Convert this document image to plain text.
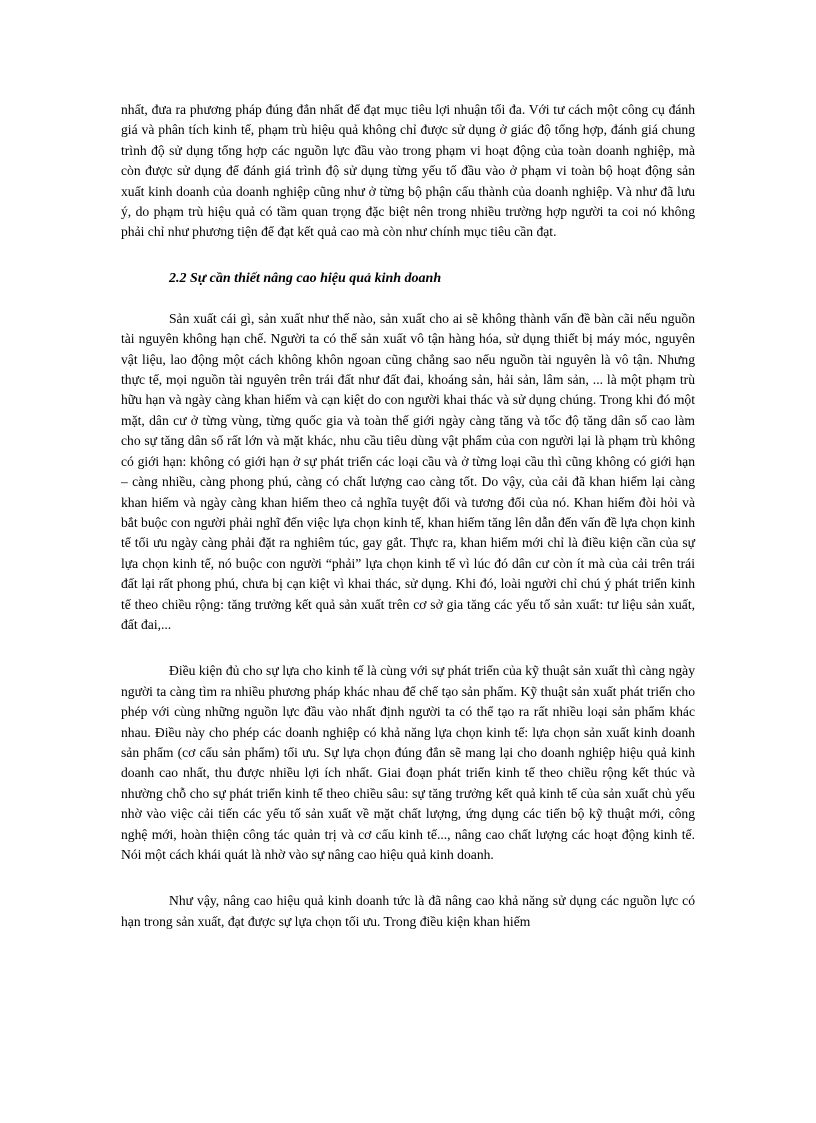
nhất, đưa ra phương pháp đúng đắn nhất để đạt mục tiêu lợi nhuận tối đa. Với tư cách một công cụ đánh giá và phân tích kinh tế, phạm trù hiệu quả không chỉ được sử dụng ở giác độ tổng hợp, đánh giá chung trình độ sử dụng tổng hợp các nguồn lực đầu vào trong phạm vi hoạt động của toàn doanh nghiệp, mà còn được sử dụng để đánh giá trình độ sử dụng từng yếu tố đầu vào ở phạm vi toàn bộ hoạt động sản xuất kinh doanh của doanh nghiệp cũng như ở từng bộ phận cấu thành của doanh nghiệp. Và như đã lưu ý, do phạm trù hiệu quả có tầm quan trọng đặc biệt nên trong nhiều trường hợp người ta coi nó không phải chỉ như phương tiện để đạt kết quả cao mà còn như chính mục tiêu cần đạt.

2.2 Sự cần thiết nâng cao hiệu quả kinh doanh

Sản xuất cái gì, sản xuất như thế nào, sản xuất cho ai sẽ không thành vấn đề bàn cãi nếu nguồn tài nguyên không hạn chế. Người ta có thể sản xuất vô tận hàng hóa, sử dụng thiết bị máy móc, nguyên vật liệu, lao động một cách không khôn ngoan cũng chẳng sao nếu nguồn tài nguyên là vô tận. Nhưng thực tế, mọi nguồn tài nguyên trên trái đất như đất đai, khoáng sản, hải sản, lâm sản, ... là một phạm trù hữu hạn và ngày càng khan hiếm và cạn kiệt do con người khai thác và sử dụng chúng. Trong khi đó một mặt, dân cư ở từng vùng, từng quốc gia và toàn thế giới ngày càng tăng và tốc độ tăng dân số cao làm cho sự tăng dân số rất lớn và mặt khác, nhu cầu tiêu dùng vật phẩm của con người lại là phạm trù không có giới hạn: không có giới hạn ở sự phát triển các loại cầu và ở từng loại cầu thì cũng không có giới hạn – càng nhiều, càng phong phú, càng có chất lượng cao càng tốt. Do vậy, của cải đã khan hiếm lại càng khan hiếm và ngày càng khan hiếm theo cả nghĩa tuyệt đối và tương đối của nó. Khan hiếm đòi hỏi và bắt buộc con người phải nghĩ đến việc lựa chọn kinh tế, khan hiếm tăng lên dẫn đến vấn đề lựa chọn kinh tế tối ưu ngày càng phải đặt ra nghiêm túc, gay gắt. Thực ra, khan hiếm mới chỉ là điều kiện cần của sự lựa chọn kinh tế, nó buộc con người “phải” lựa chọn kinh tế vì lúc đó dân cư còn ít mà của cải trên trái đất lại rất phong phú, chưa bị cạn kiệt vì khai thác, sử dụng. Khi đó, loài người chỉ chú ý phát triển kinh tế theo chiều rộng: tăng trưởng kết quả sản xuất trên cơ sở gia tăng các yếu tố sản xuất: tư liệu sản xuất, đất đai,...

Điều kiện đủ cho sự lựa cho kinh tế là cùng với sự phát triển của kỹ thuật sản xuất thì càng ngày người ta càng tìm ra nhiều phương pháp khác nhau để chế tạo sản phẩm. Kỹ thuật sản xuất phát triển cho phép với cùng những nguồn lực đầu vào nhất định người ta có thể tạo ra rất nhiều loại sản phẩm khác nhau. Điều này cho phép các doanh nghiệp có khả năng lựa chọn kinh tế: lựa chọn sản xuất kinh doanh sản phẩm (cơ cấu sản phẩm) tối ưu. Sự lựa chọn đúng đắn sẽ mang lại cho doanh nghiệp hiệu quả kinh doanh cao nhất, thu được nhiều lợi ích nhất. Giai đoạn phát triển kinh tế theo chiều rộng kết thúc và nhường chỗ cho sự phát triển kinh tế theo chiều sâu: sự tăng trưởng kết quả kinh tế của sản xuất chủ yếu nhờ vào việc cải tiến các yếu tố sản xuất về mặt chất lượng, ứng dụng các tiến bộ kỹ thuật mới, công nghệ mới, hoàn thiện công tác quản trị và cơ cấu kinh tế..., nâng cao chất lượng các hoạt động kinh tế. Nói một cách khái quát là nhờ vào sự nâng cao hiệu quả kinh doanh.

Như vậy, nâng cao hiệu quả kinh doanh tức là đã nâng cao khả năng sử dụng các nguồn lực có hạn trong sản xuất, đạt được sự lựa chọn tối ưu. Trong điều kiện khan hiếm
